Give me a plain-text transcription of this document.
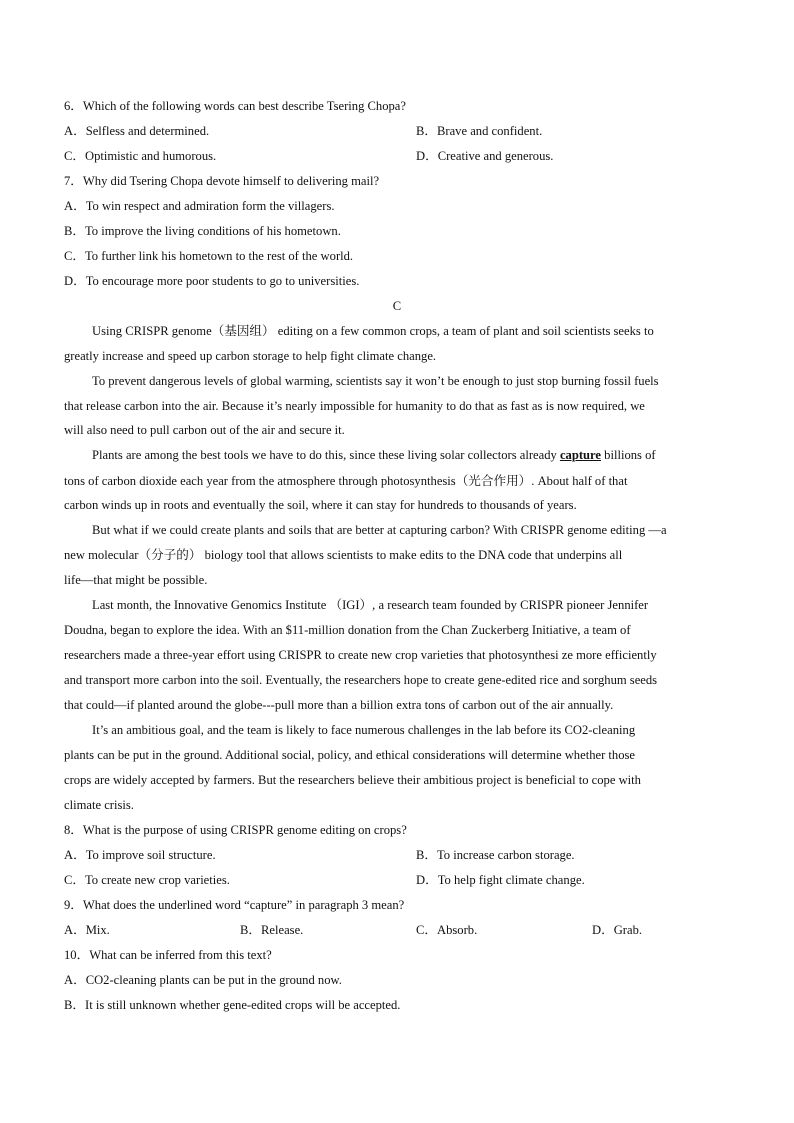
6．Which of the following words can best describe Tsering Chopa?
A．Selfless and determined.	B．Brave and confident.
C．Optimistic and humorous.	D．Creative and generous.
7．Why did Tsering Chopa devote himself to delivering mail?
A．To win respect and admiration form the villagers.
B．To improve the living conditions of his hometown.
C．To further link his hometown to the rest of the world.
D．To encourage more poor students to go to universities.
C
Using CRISPR genome（基因组） editing on a few common crops, a team of plant and soil scientists seeks to
greatly increase and speed up carbon storage to help fight climate change.
To prevent dangerous levels of global warming, scientists say it won’t be enough to just stop burning fossil fuels
that release carbon into the air. Because it’s nearly impossible for humanity to do that as fast as is now required, we
will also need to pull carbon out of the air and secure it.
Plants are among the best tools we have to do this, since these living solar collectors already capture billions of
tons of carbon dioxide each year from the atmosphere through photosynthesis（光合作用）. About half of that
carbon winds up in roots and eventually the soil, where it can stay for hundreds to thousands of years.
But what if we could create plants and soils that are better at capturing carbon? With CRISPR genome editing —a
new molecular（分子的） biology tool that allows scientists to make edits to the DNA code that underpins all
life—that might be possible.
Last month, the Innovative Genomics Institute （IGI）, a research team founded by CRISPR pioneer Jennifer
Doudna, began to explore the idea. With an $11-million donation from the Chan Zuckerberg Initiative, a team of
researchers made a three-year effort using CRISPR to create new crop varieties that photosynthesi ze more efficiently
and transport more carbon into the soil. Eventually, the researchers hope to create gene-edited rice and sorghum seeds
that could—if planted around the globe---pull more than a billion extra tons of carbon out of the air annually.
It’s an ambitious goal, and the team is likely to face numerous challenges in the lab before its CO2-cleaning
plants can be put in the ground. Additional social, policy, and ethical considerations will determine whether those
crops are widely accepted by farmers. But the researchers believe their ambitious project is beneficial to cope with
climate crisis.
8．What is the purpose of using CRISPR genome editing on crops?
A．To improve soil structure.	B．To increase carbon storage.
C．To create new crop varieties.	D．To help fight climate change.
9．What does the underlined word “capture” in paragraph 3 mean?
A．Mix.	B．Release.	C．Absorb.	D．Grab.
10．What can be inferred from this text?
A．CO2-cleaning plants can be put in the ground now.
B．It is still unknown whether gene-edited crops will be accepted.
